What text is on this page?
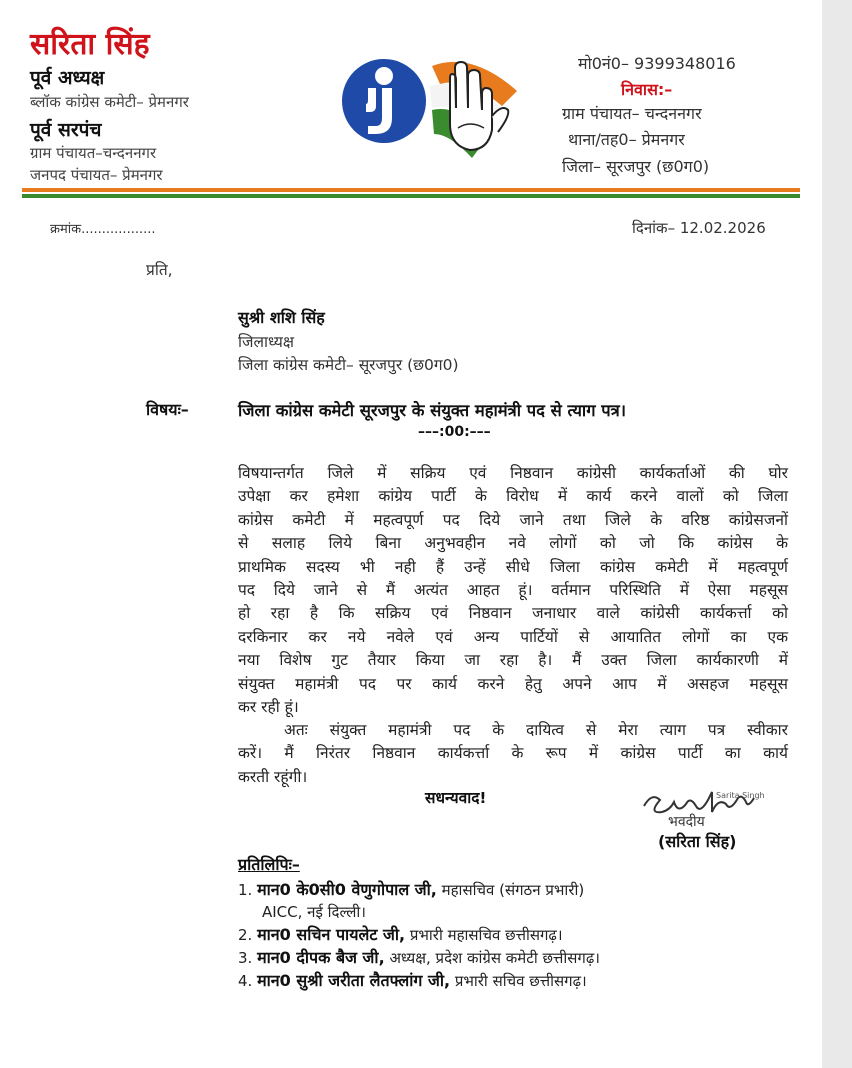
सरिता सिंह
पूर्व अध्यक्ष
ब्लॉक कांग्रेस कमेटी– प्रेमनगर
पूर्व सरपंच
ग्राम पंचायत–चन्दननगर
जनपद पंचायत– प्रेमनगर
मो0नं0– 9399348016
निवास:–
ग्राम पंचायत– चन्दननगर
थाना/तह0– प्रेमनगर
जिला– सूरजपुर (छ0ग0)
क्रमांक..................	दिनांक– 12.02.2026
प्रति,
सुश्री शशि सिंह
जिलाध्यक्ष
जिला कांग्रेस कमेटी– सूरजपुर (छ0ग0)
विषयः–	जिला कांग्रेस कमेटी सूरजपुर के संयुक्त महामंत्री पद से त्याग पत्र।
–––:00:–––
विषयान्तर्गत जिले में सक्रिय एवं निष्ठवान कांग्रेसी कार्यकर्ताओं की घोर
उपेक्षा कर हमेशा कांग्रेय पार्टी के विरोध में कार्य करने वालों को जिला
कांग्रेस कमेटी में महत्वपूर्ण पद दिये जाने तथा जिले के वरिष्ठ कांग्रेसजनों
से सलाह लिये बिना अनुभवहीन नवे लोगों को जो कि कांग्रेस के
प्राथमिक सदस्य भी नही हैं उन्हें सीधे जिला कांग्रेस कमेटी में महत्वपूर्ण
पद दिये जाने से मैं अत्यंत आहत हूं। वर्तमान परिस्थिति में ऐसा महसूस
हो रहा है कि सक्रिय एवं निष्ठवान जनाधार वाले कांग्रेसी कार्यकर्त्ता को
दरकिनार कर नये नवेले एवं अन्य पार्टियों से आयातित लोगों का एक
नया विशेष गुट तैयार किया जा रहा है। मैं उक्त जिला कार्यकारणी में
संयुक्त महामंत्री पद पर कार्य करने हेतु अपने आप में असहज महसूस
कर रही हूं।
अतः संयुक्त महामंत्री पद के दायित्व से मेरा त्याग पत्र स्वीकार
करें। मैं निरंतर निष्ठवान कार्यकर्त्ता के रूप में कांग्रेस पार्टी का कार्य
करती रहूंगी।
सधन्यवाद!	Sarita Singh
भवदीय
(सरिता सिंह)
प्रतिलिपिः–
1. मान0 के0सी0 वेणुगोपाल जी, महासचिव (संगठन प्रभारी)
AICC, नई दिल्ली।
2. मान0 सचिन पायलेट जी, प्रभारी महासचिव छत्तीसगढ़।
3. मान0 दीपक बैज जी, अध्यक्ष, प्रदेश कांग्रेस कमेटी छत्तीसगढ़।
4. मान0 सुश्री जरीता लैतफ्लांग जी, प्रभारी सचिव छत्तीसगढ़।
